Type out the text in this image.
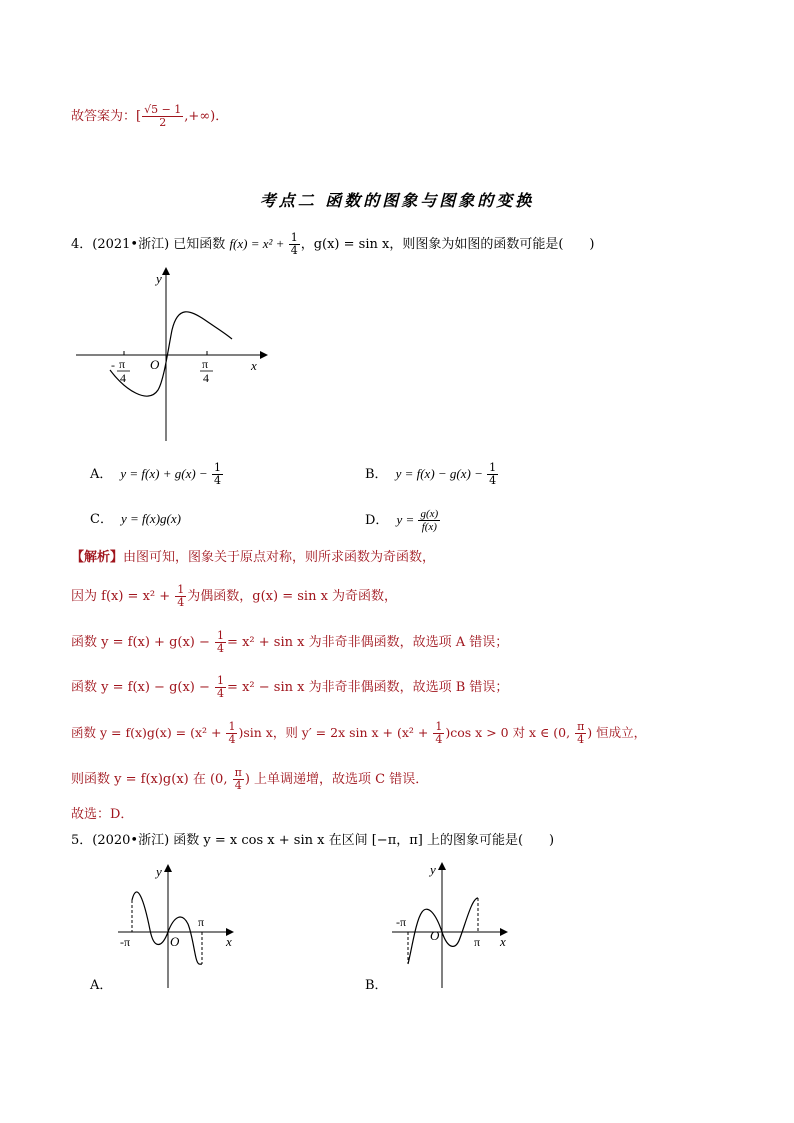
故答案为：[ $\frac{√5 - 1}{2}$ ,+∞)．
考点二 函数的图象与图象的变换
4．(2021•浙江) 已知函数 $f(x) = x^2 + \frac{1}{4}$ ，g(x) = sin x，则图象为如图的函数可能是(　　)
y
x
O
- π
4
π
4
A． $y = f(x) + g(x) - \frac{1}{4}$	B． $y = f(x) - g(x) - \frac{1}{4}$
C． y = f(x)g(x)	D． $y = \frac{g(x)}{f(x)}$
【解析】由图可知，图象关于原点对称，则所求函数为奇函数，
因为 $f(x) = x^2 + \frac{1}{4}$ 为偶函数，g(x) = sin x 为奇函数，
函数 $y = f(x) + g(x) - \frac{1}{4} = x^2 + \sin x$ 为非奇非偶函数，故选项 A 错误；
函数 $y = f(x) - g(x) - \frac{1}{4} = x^2 - \sin x$ 为非奇非偶函数，故选项 B 错误；
函数 $y = f(x)g(x) = (x^2 + \frac{1}{4} )\sin$ x，则 y′ = 2x $\sin x + (x^2 + \frac{1}{4} )\cos$ x > 0 对 x ∈ (0, $\frac{\pi}{4}$ ) 恒成立，
则函数 y = f(x)g(x) 在 (0, $\frac{\pi}{4}$ ) 上单调递增，故选项 C 错误．
故选：D．
5．(2020•浙江) 函数 y = x cos x + sin x 在区间 [−π，π] 上的图象可能是(　　)
y
x
O
-π
π
A．
y
x
O
-π
π
B．
